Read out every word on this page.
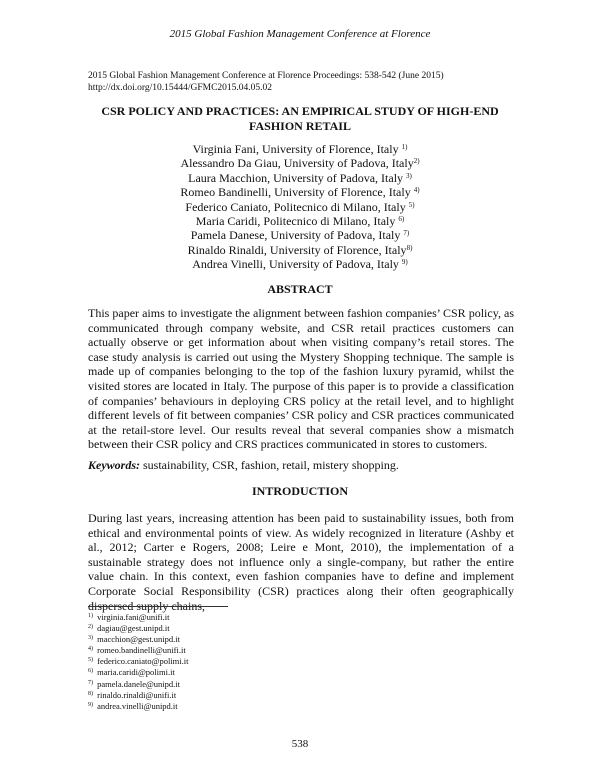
2015 Global Fashion Management Conference at Florence
2015 Global Fashion Management Conference at Florence Proceedings: 538-542 (June 2015)
http://dx.doi.org/10.15444/GFMC2015.04.05.02
CSR POLICY AND PRACTICES: AN EMPIRICAL STUDY OF HIGH-END FASHION RETAIL
Virginia Fani, University of Florence, Italy $^{1)}$
Alessandro Da Giau, University of Padova, Italy$^{2)}$
Laura Macchion, University of Padova, Italy $^{3)}$
Romeo Bandinelli, University of Florence, Italy $^{4)}$
Federico Caniato, Politecnico di Milano, Italy $^{5)}$
Maria Caridi, Politecnico di Milano, Italy $^{6)}$
Pamela Danese, University of Padova, Italy $^{7)}$
Rinaldo Rinaldi, University of Florence, Italy$^{8)}$
Andrea Vinelli, University of Padova, Italy $^{9)}$
ABSTRACT
This paper aims to investigate the alignment between fashion companies’ CSR policy, as communicated through company website, and CSR retail practices customers can actually observe or get information about when visiting company’s retail stores. The case study analysis is carried out using the Mystery Shopping technique. The sample is made up of companies belonging to the top of the fashion luxury pyramid, whilst the visited stores are located in Italy. The purpose of this paper is to provide a classification of companies’ behaviours in deploying CRS policy at the retail level, and to highlight different levels of fit between companies’ CSR policy and CSR practices communicated at the retail-store level. Our results reveal that several companies show a mismatch between their CSR policy and CRS practices communicated in stores to customers.
Keywords: sustainability, CSR, fashion, retail, mistery shopping.
INTRODUCTION
During last years, increasing attention has been paid to sustainability issues, both from ethical and environmental points of view. As widely recognized in literature (Ashby et al., 2012; Carter e Rogers, 2008; Leire e Mont, 2010), the implementation of a sustainable strategy does not influence only a single-company, but rather the entire value chain. In this context, even fashion companies have to define and implement Corporate Social Responsibility (CSR) practices along their often geographically dispersed supply chains,
$^{1)}$ virginia.fani@unifi.it
$^{2)}$ dagiau@gest.unipd.it
$^{3)}$ macchion@gest.unipd.it
$^{4)}$ romeo.bandinelli@unifi.it
$^{5)}$ federico.caniato@polimi.it
$^{6)}$ maria.caridi@polimi.it
$^{7)}$ pamela.danele@unipd.it
$^{8)}$ rinaldo.rinaldi@unifi.it
$^{9)}$ andrea.vinelli@unipd.it
538
